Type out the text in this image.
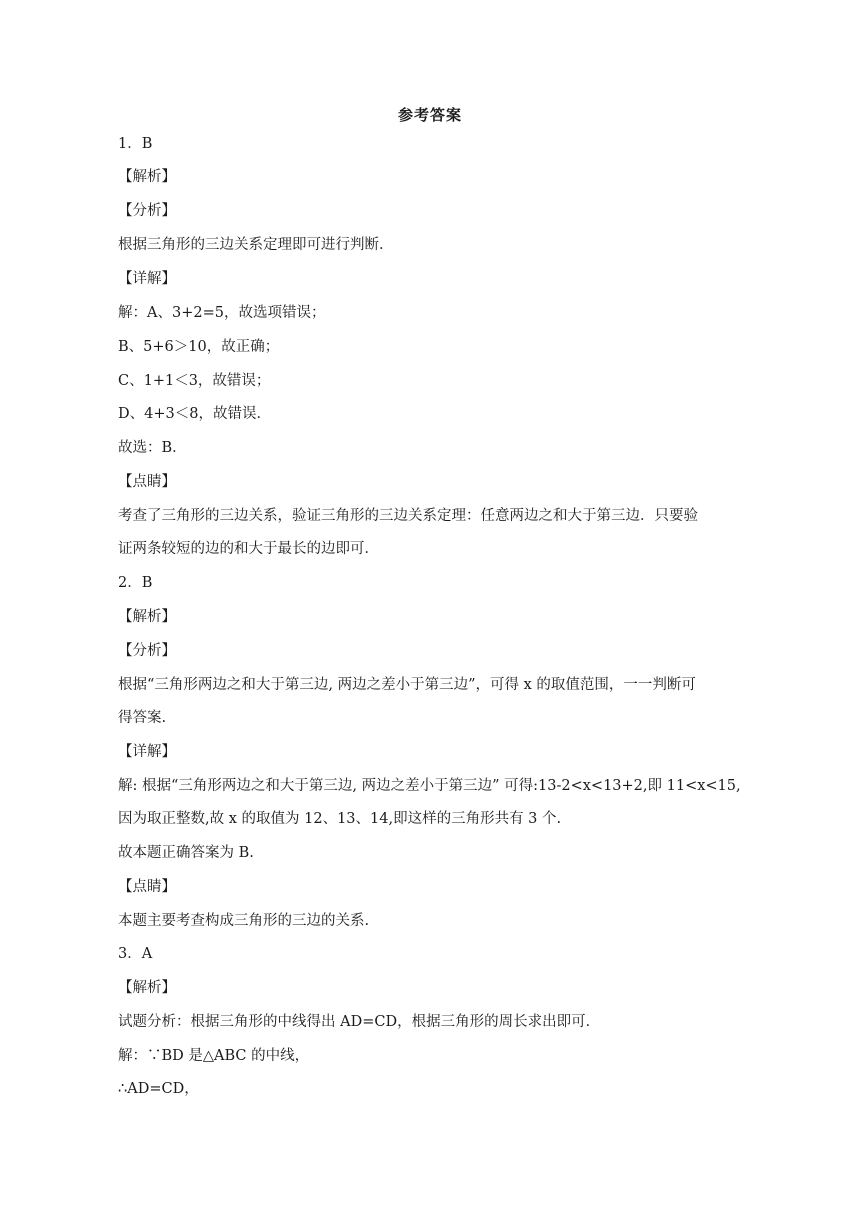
参考答案
1．B
【解析】
【分析】
根据三角形的三边关系定理即可进行判断．
【详解】
解：A、3+2=5，故选项错误；
B、5+6＞10，故正确；
C、1+1＜3，故错误；
D、4+3＜8，故错误．
故选：B．
【点睛】
考查了三角形的三边关系，验证三角形的三边关系定理：任意两边之和大于第三边．只要验
证两条较短的边的和大于最长的边即可．
2．B
【解析】
【分析】
根据“三角形两边之和大于第三边, 两边之差小于第三边”，可得 x 的取值范围，一一判断可
得答案.
【详解】
解: 根据“三角形两边之和大于第三边, 两边之差小于第三边” 可得:13-2<x<13+2,即 11<x<15,
因为取正整数,故 x 的取值为 12、13、14,即这样的三角形共有 3 个.
故本题正确答案为 B.
【点睛】
本题主要考查构成三角形的三边的关系.
3．A
【解析】
试题分析：根据三角形的中线得出 AD=CD，根据三角形的周长求出即可．
解：∵BD 是△ABC 的中线，
∴AD=CD，
